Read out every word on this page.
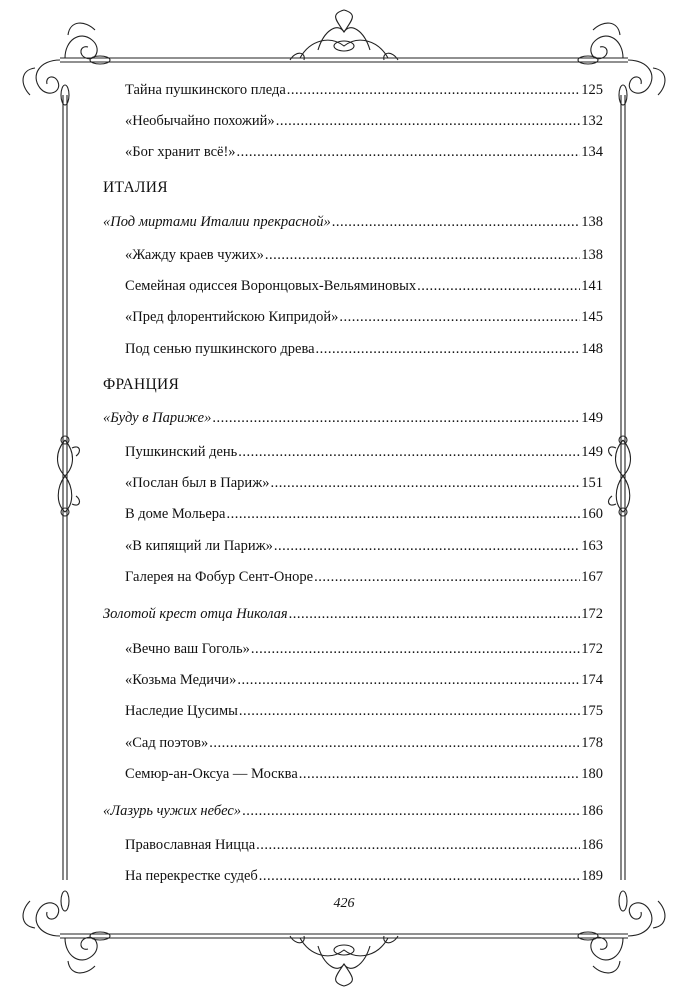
Тайна пушкинского пледа .....	125
«Необычайно похожий» .....	132
«Бог хранит всё!» .....	134
ИТАЛИЯ
«Под миртами Италии прекрасной» .....	138
«Жажду краев чужих» .....	138
Семейная одиссея Воронцовых-Вельяминовых .....	141
«Пред флорентийскою Кипридой» .....	145
Под сенью пушкинского древа .....	148
ФРАНЦИЯ
«Буду в Париже» .....	149
Пушкинский день .....	149
«Послан был в Париж» .....	151
В доме Мольера .....	160
«В кипящий ли Париж» .....	163
Галерея на Фобур Сент-Оноре .....	167
Золотой крест отца Николая .....	172
«Вечно ваш Гоголь» .....	172
«Козьма Медичи» .....	174
Наследие Цусимы .....	175
«Сад поэтов» .....	178
Семюр-ан-Оксуа — Москва .....	180
«Лазурь чужих небес» .....	186
Православная Ницца .....	186
На перекрестке судеб .....	189
426
